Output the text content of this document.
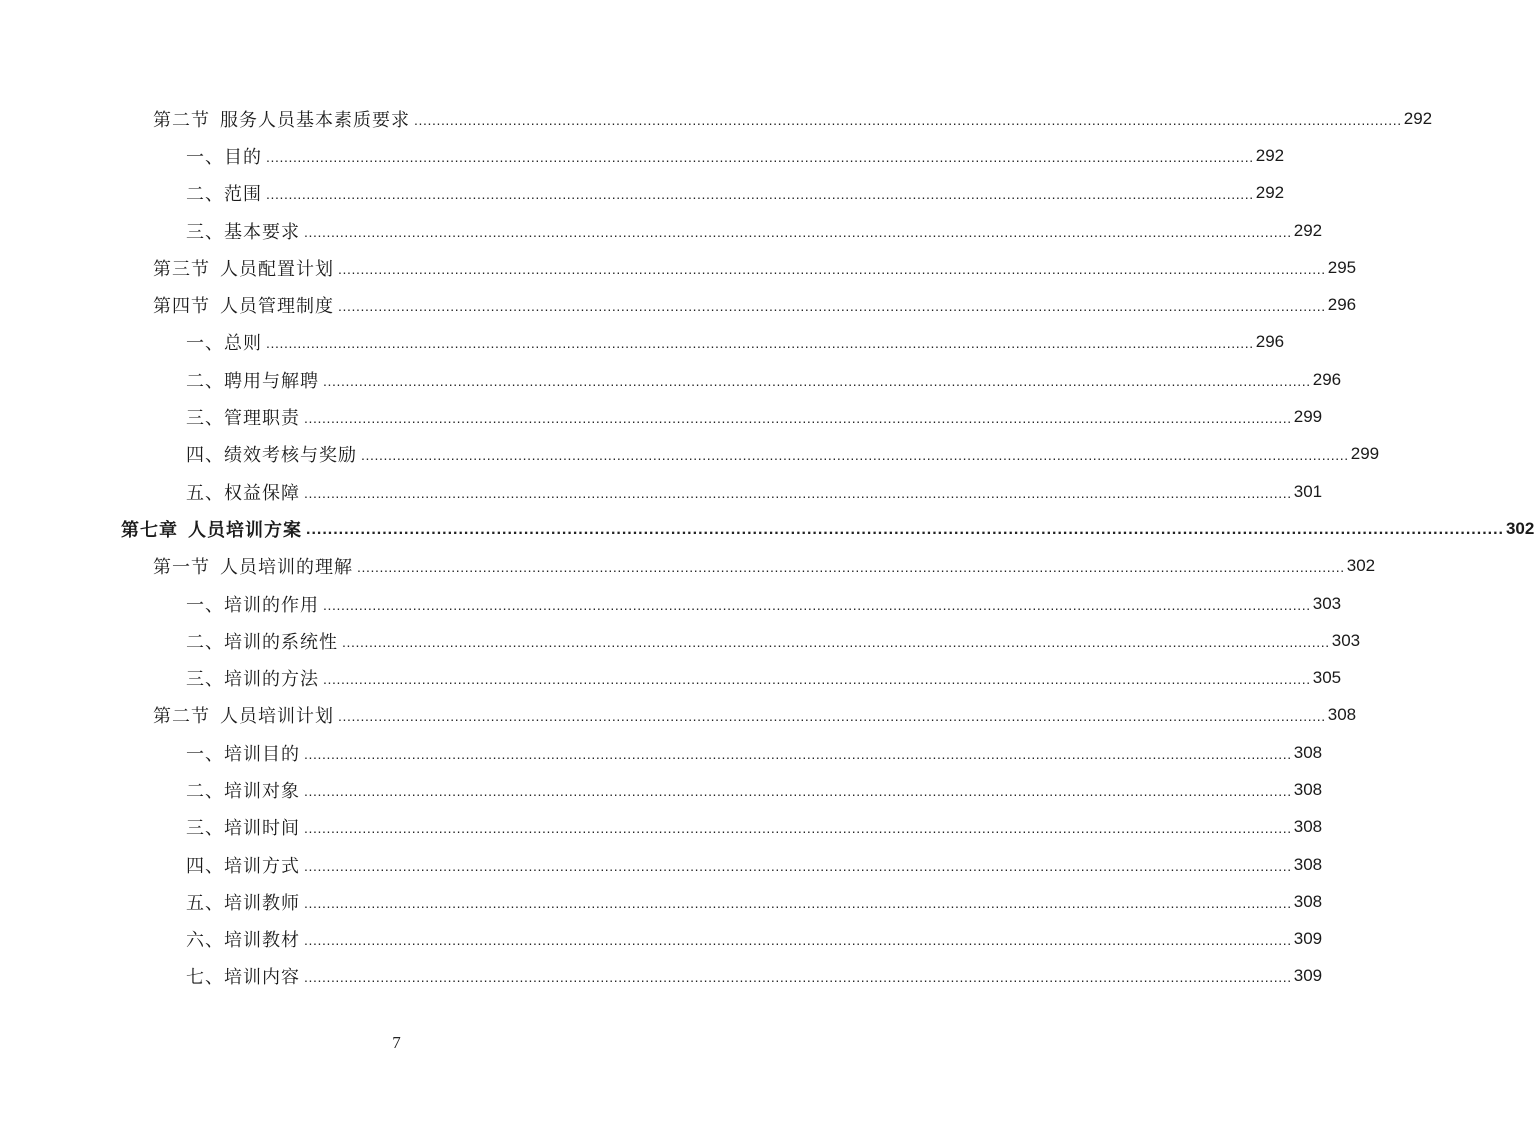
第二节 服务人员基本素质要求 ............................................................................................................................................................................................................................ 292
一、目的 ............................................................................................................................................................................................................................ 292
二、范围 ............................................................................................................................................................................................................................ 292
三、基本要求 ............................................................................................................................................................................................................................ 292
第三节 人员配置计划 ............................................................................................................................................................................................................................ 295
第四节 人员管理制度 ............................................................................................................................................................................................................................ 296
一、总则 ............................................................................................................................................................................................................................ 296
二、聘用与解聘 ............................................................................................................................................................................................................................ 296
三、管理职责 ............................................................................................................................................................................................................................ 299
四、绩效考核与奖励 ............................................................................................................................................................................................................................ 299
五、权益保障 ............................................................................................................................................................................................................................ 301
第七章 人员培训方案 ............................................................................................................................................................................................................................ 302
第一节 人员培训的理解 ............................................................................................................................................................................................................................ 302
一、培训的作用 ............................................................................................................................................................................................................................ 303
二、培训的系统性 ............................................................................................................................................................................................................................ 303
三、培训的方法 ............................................................................................................................................................................................................................ 305
第二节 人员培训计划 ............................................................................................................................................................................................................................ 308
一、培训目的 ............................................................................................................................................................................................................................ 308
二、培训对象 ............................................................................................................................................................................................................................ 308
三、培训时间 ............................................................................................................................................................................................................................ 308
四、培训方式 ............................................................................................................................................................................................................................ 308
五、培训教师 ............................................................................................................................................................................................................................ 308
六、培训教材 ............................................................................................................................................................................................................................ 309
七、培训内容 ............................................................................................................................................................................................................................ 309
7
